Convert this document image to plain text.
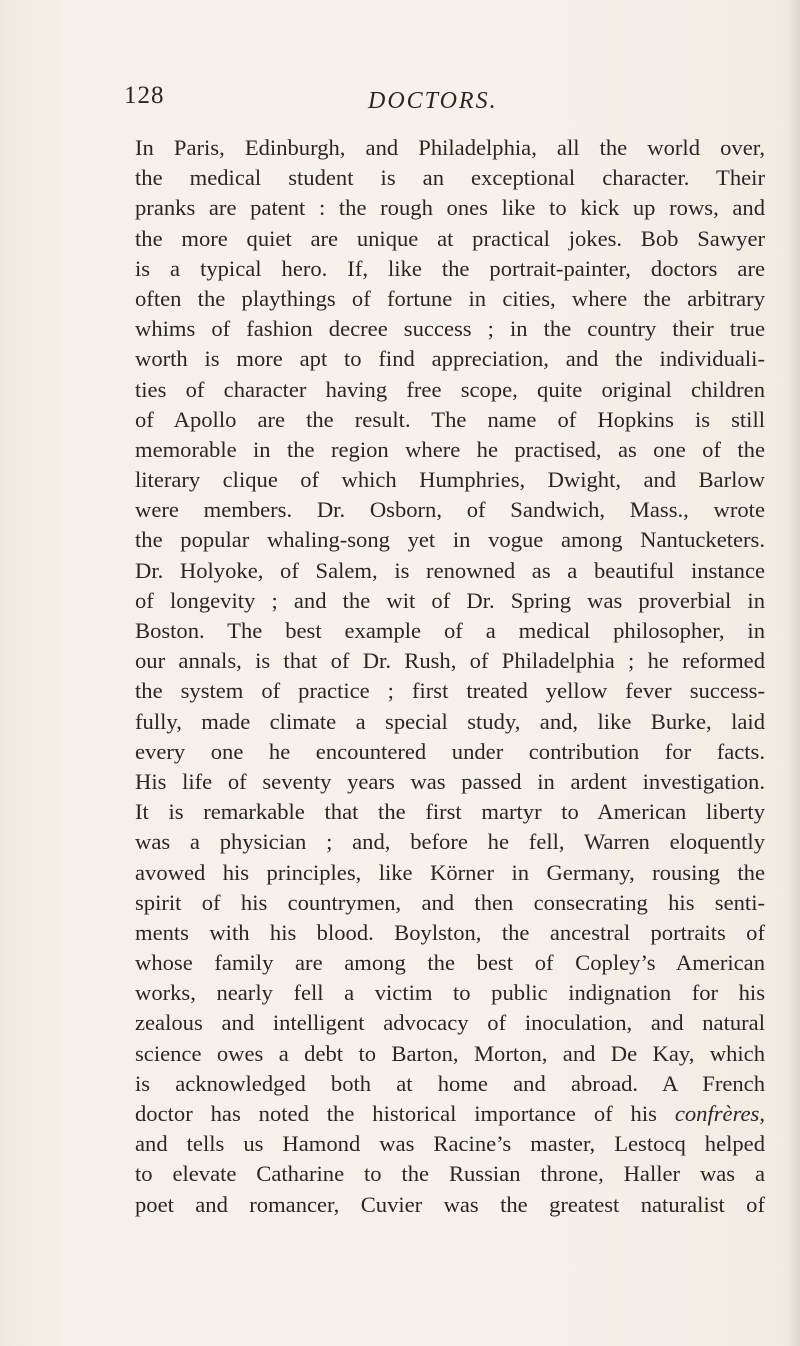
128	DOCTORS.
In Paris, Edinburgh, and Philadelphia, all the world over,
the medical student is an exceptional character. Their
pranks are patent : the rough ones like to kick up rows, and
the more quiet are unique at practical jokes. Bob Sawyer
is a typical hero. If, like the portrait-painter, doctors are
often the playthings of fortune in cities, where the arbitrary
whims of fashion decree success ; in the country their true
worth is more apt to find appreciation, and the individuali-
ties of character having free scope, quite original children
of Apollo are the result. The name of Hopkins is still
memorable in the region where he practised, as one of the
literary clique of which Humphries, Dwight, and Barlow
were members. Dr. Osborn, of Sandwich, Mass., wrote
the popular whaling-song yet in vogue among Nantucketers.
Dr. Holyoke, of Salem, is renowned as a beautiful instance
of longevity ; and the wit of Dr. Spring was proverbial in
Boston. The best example of a medical philosopher, in
our annals, is that of Dr. Rush, of Philadelphia ; he reformed
the system of practice ; first treated yellow fever success-
fully, made climate a special study, and, like Burke, laid
every one he encountered under contribution for facts.
His life of seventy years was passed in ardent investigation.
It is remarkable that the first martyr to American liberty
was a physician ; and, before he fell, Warren eloquently
avowed his principles, like Körner in Germany, rousing the
spirit of his countrymen, and then consecrating his senti-
ments with his blood. Boylston, the ancestral portraits of
whose family are among the best of Copley’s American
works, nearly fell a victim to public indignation for his
zealous and intelligent advocacy of inoculation, and natural
science owes a debt to Barton, Morton, and De Kay, which
is acknowledged both at home and abroad. A French
doctor has noted the historical importance of his confrères,
and tells us Hamond was Racine’s master, Lestocq helped
to elevate Catharine to the Russian throne, Haller was a
poet and romancer, Cuvier was the greatest naturalist of
